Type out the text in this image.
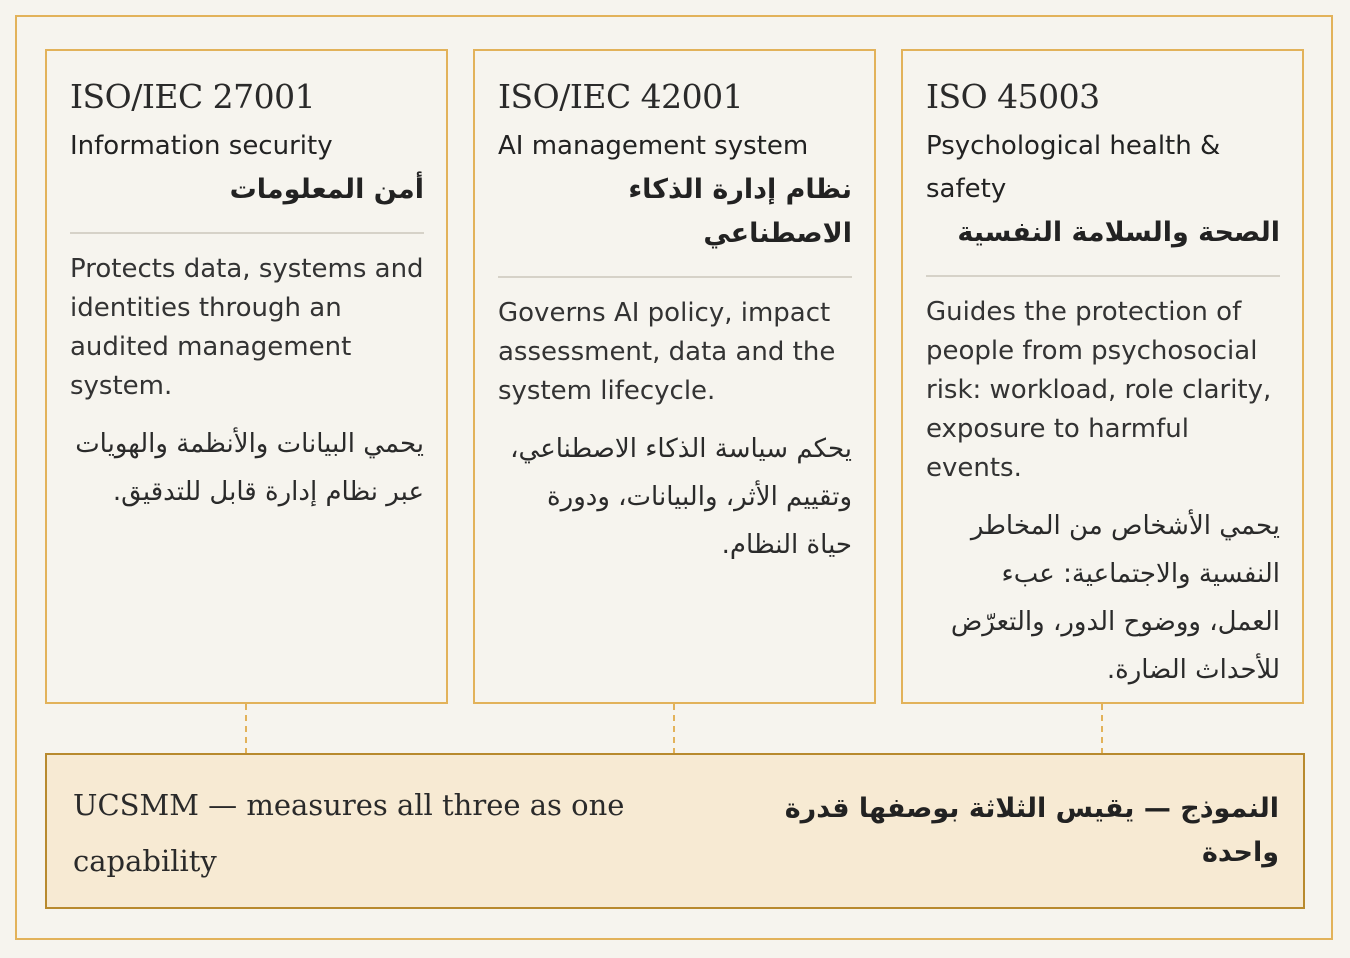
ISO/IEC 27001

Information security

أمن المعلومات

Protects data, systems and identities through an audited management system.

يحمي البيانات والأنظمة والهويات عبر نظام إدارة قابل للتدقيق.

ISO/IEC 42001

AI management system

نظام إدارة الذكاء الاصطناعي

Governs AI policy, impact assessment, data and the system lifecycle.

يحكم سياسة الذكاء الاصطناعي، وتقييم الأثر، والبيانات، ودورة حياة النظام.

ISO 45003

Psychological health & safety

الصحة والسلامة النفسية

Guides the protection of people from psychosocial risk: workload, role clarity, exposure to harmful events.

يحمي الأشخاص من المخاطر النفسية والاجتماعية: عبء العمل، ووضوح الدور، والتعرّض للأحداث الضارة.

UCSMM — measures all three as one capability

النموذج — يقيس الثلاثة بوصفها قدرة واحدة
